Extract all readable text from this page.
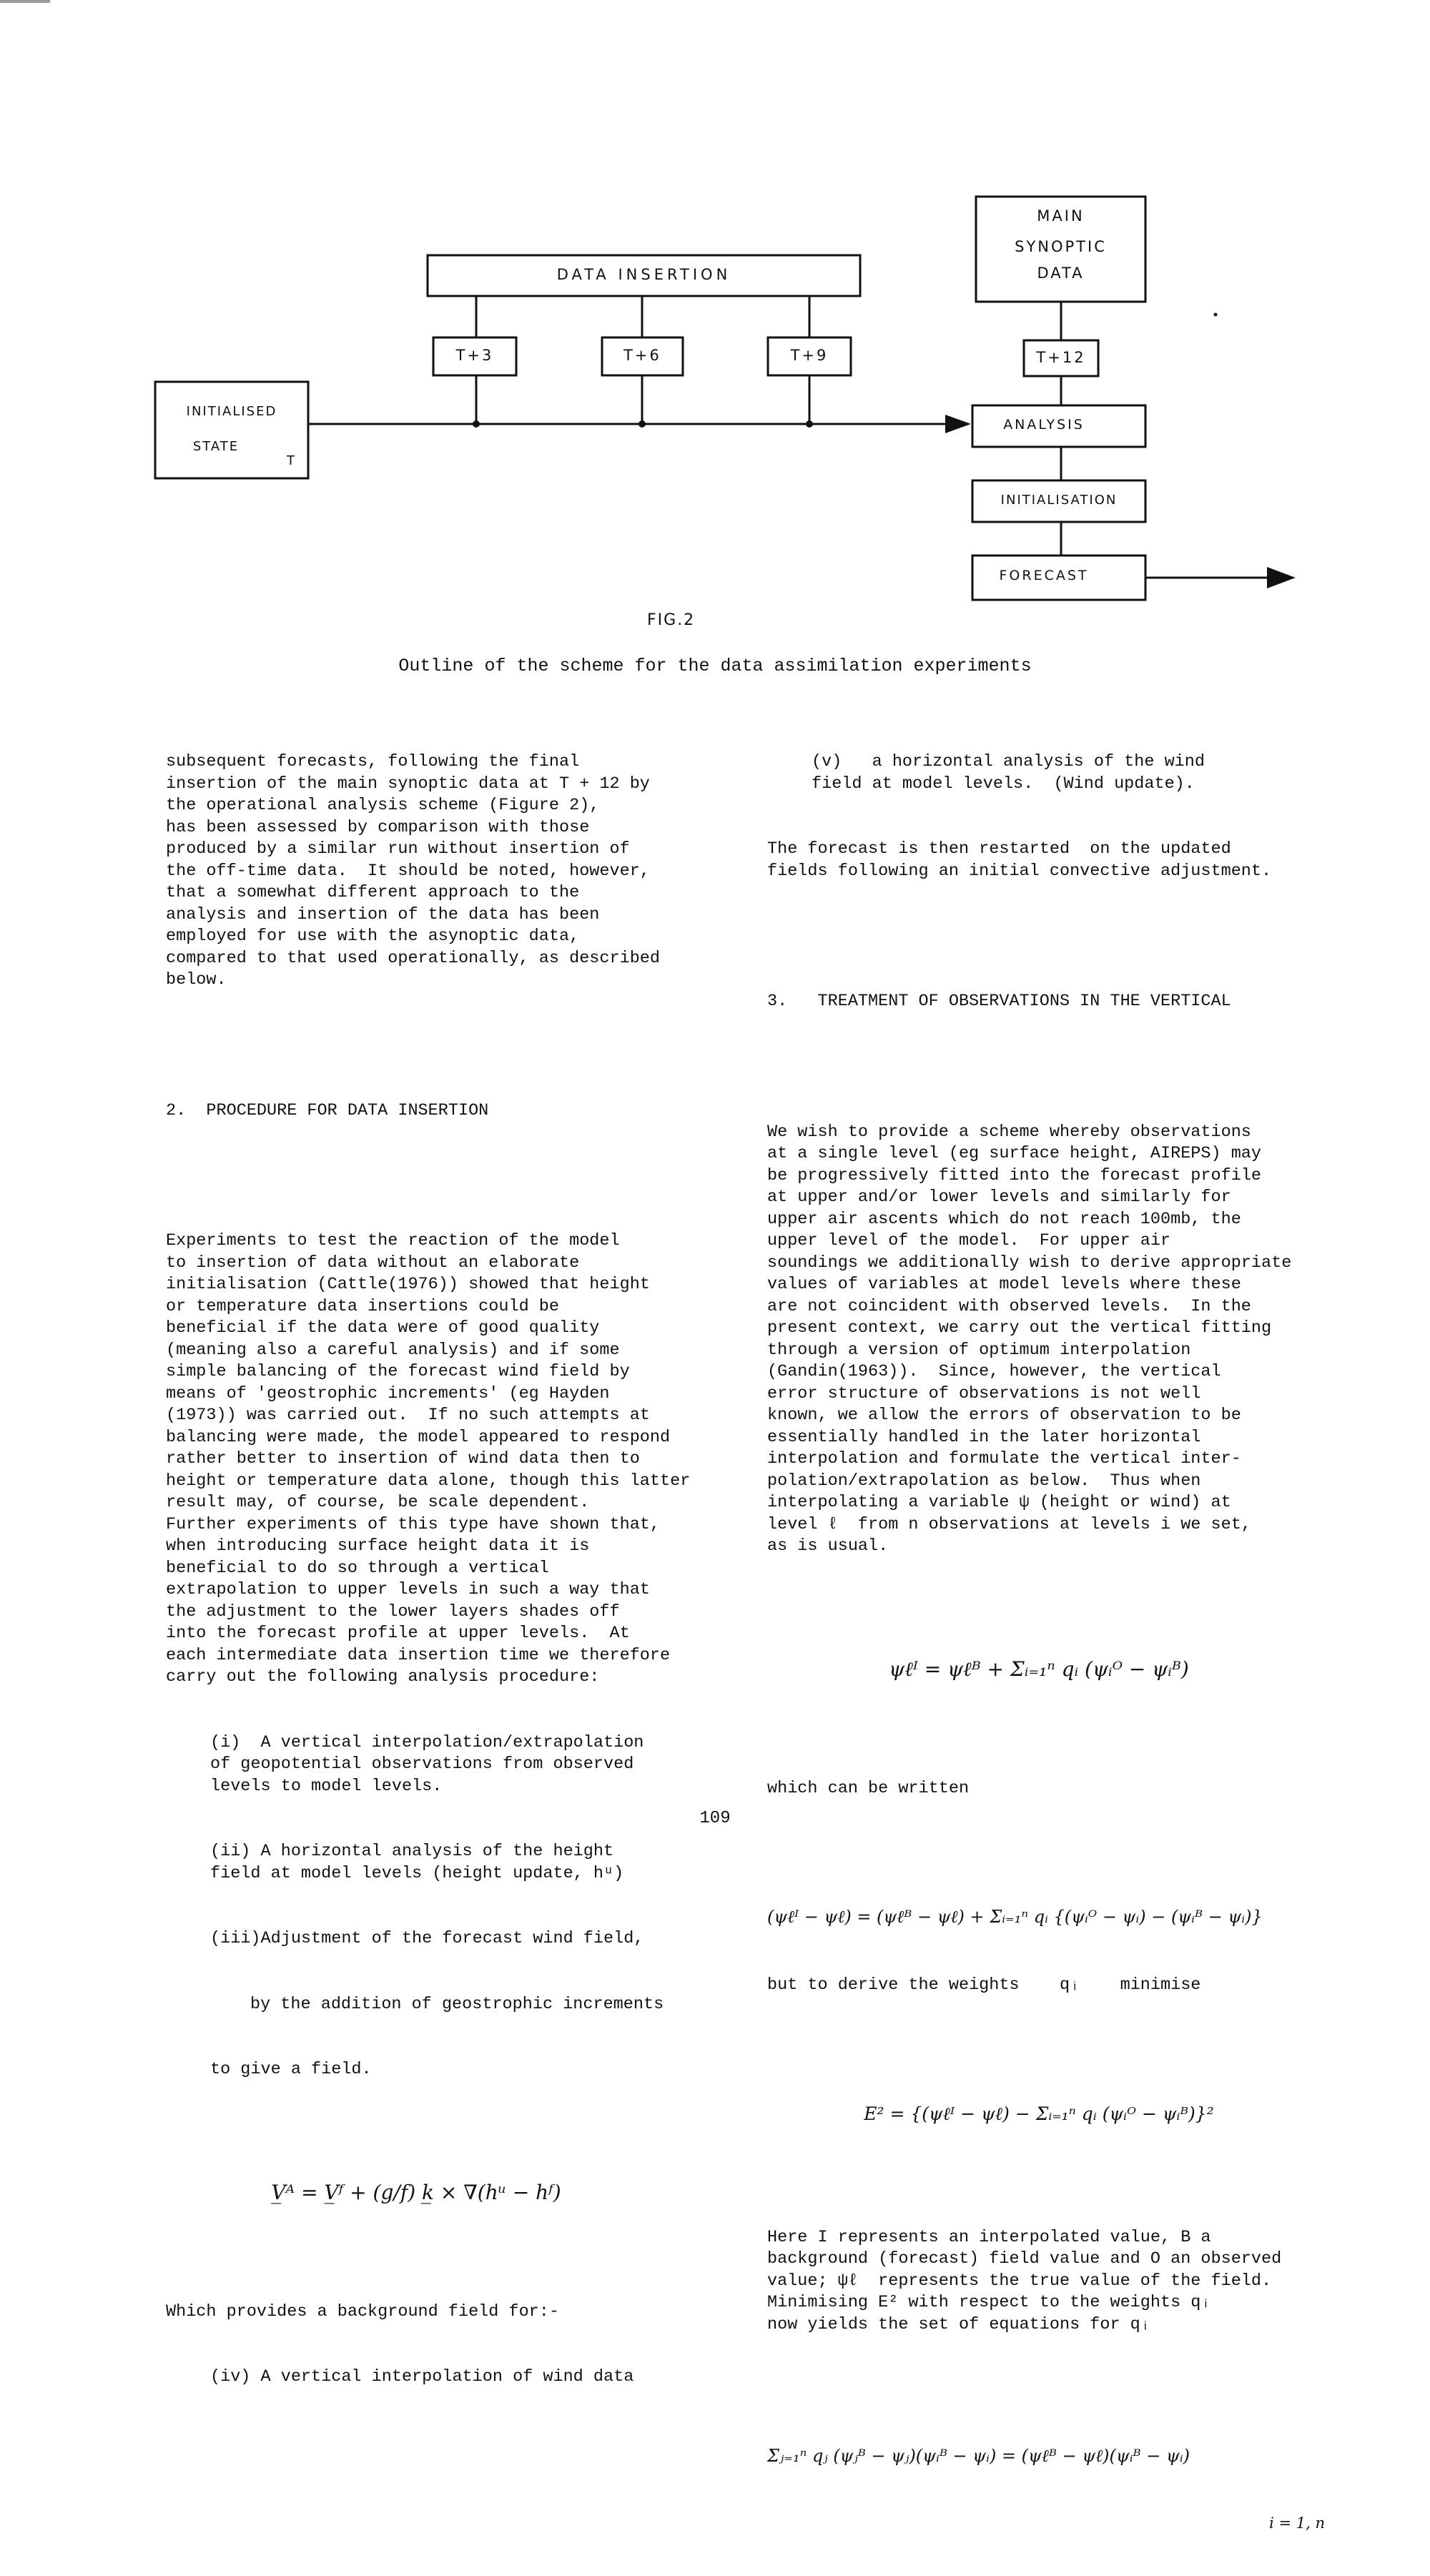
DATA INSERTION
MAIN
SYNOPTIC
DATA
T+3	T+6	T+9	T+12
INITIALISED
STATE
T
ANALYSIS
INITIALISATION
FORECAST
FIG.2
Outline of the scheme for the data assimilation experiments

subsequent forecasts, following the final
insertion of the main synoptic data at T + 12 by
the operational analysis scheme (Figure 2),
has been assessed by comparison with those
produced by a similar run without insertion of
the off-time data.  It should be noted, however,
that a somewhat different approach to the
analysis and insertion of the data has been
employed for use with the asynoptic data,
compared to that used operationally, as described
below.

2.  PROCEDURE FOR DATA INSERTION

Experiments to test the reaction of the model
to insertion of data without an elaborate
initialisation (Cattle(1976)) showed that height
or temperature data insertions could be
beneficial if the data were of good quality
(meaning also a careful analysis) and if some
simple balancing of the forecast wind field by
means of 'geostrophic increments' (eg Hayden
(1973)) was carried out.  If no such attempts at
balancing were made, the model appeared to respond
rather better to insertion of wind data then to
height or temperature data alone, though this latter
result may, of course, be scale dependent.
Further experiments of this type have shown that,
when introducing surface height data it is
beneficial to do so through a vertical
extrapolation to upper levels in such a way that
the adjustment to the lower layers shades off
into the forecast profile at upper levels.  At
each intermediate data insertion time we therefore
carry out the following analysis procedure:

(i)  A vertical interpolation/extrapolation
of geopotential observations from observed
levels to model levels.

(ii) A horizontal analysis of the height
field at model levels (height update, hᵘ)

(iii)Adjustment of the forecast wind field,

by the addition of geostrophic increments

to give a field.

V̲ᴬ = V̲ᶠ + (g/f) k̲ × ∇(hᵘ − hᶠ)

Which provides a background field for:-

(iv) A vertical interpolation of wind data

(v)   a horizontal analysis of the wind
field at model levels.  (Wind update).

The forecast is then restarted  on the updated
fields following an initial convective adjustment.

3.   TREATMENT OF OBSERVATIONS IN THE VERTICAL

We wish to provide a scheme whereby observations
at a single level (eg surface height, AIREPS) may
be progressively fitted into the forecast profile
at upper and/or lower levels and similarly for
upper air ascents which do not reach 100mb, the
upper level of the model.  For upper air
soundings we additionally wish to derive appropriate
values of variables at model levels where these
are not coincident with observed levels.  In the
present context, we carry out the vertical fitting
through a version of optimum interpolation
(Gandin(1963)).  Since, however, the vertical
error structure of observations is not well
known, we allow the errors of observation to be
essentially handled in the later horizontal
interpolation and formulate the vertical inter-
polation/extrapolation as below.  Thus when
interpolating a variable ψ (height or wind) at
level ℓ  from n observations at levels i we set,
as is usual.

ψℓᴵ = ψℓᴮ + Σᵢ₌₁ⁿ qᵢ (ψᵢᴼ − ψᵢᴮ)

which can be written

(ψℓᴵ − ψℓ) = (ψℓᴮ − ψℓ) + Σᵢ₌₁ⁿ qᵢ {(ψᵢᴼ − ψᵢ) − (ψᵢᴮ − ψᵢ)}

but to derive the weights    qᵢ    minimise

E² = {(ψℓᴵ − ψℓ) − Σᵢ₌₁ⁿ qᵢ (ψᵢᴼ − ψᵢᴮ)}²

Here I represents an interpolated value, B a
background (forecast) field value and O an observed
value; ψℓ  represents the true value of the field.
Minimising E² with respect to the weights qᵢ
now yields the set of equations for qᵢ

Σⱼ₌₁ⁿ qⱼ (ψⱼᴮ − ψⱼ)(ψᵢᴮ − ψᵢ) = (ψℓᴮ − ψℓ)(ψᵢᴮ − ψᵢ)

i = 1, n

109
